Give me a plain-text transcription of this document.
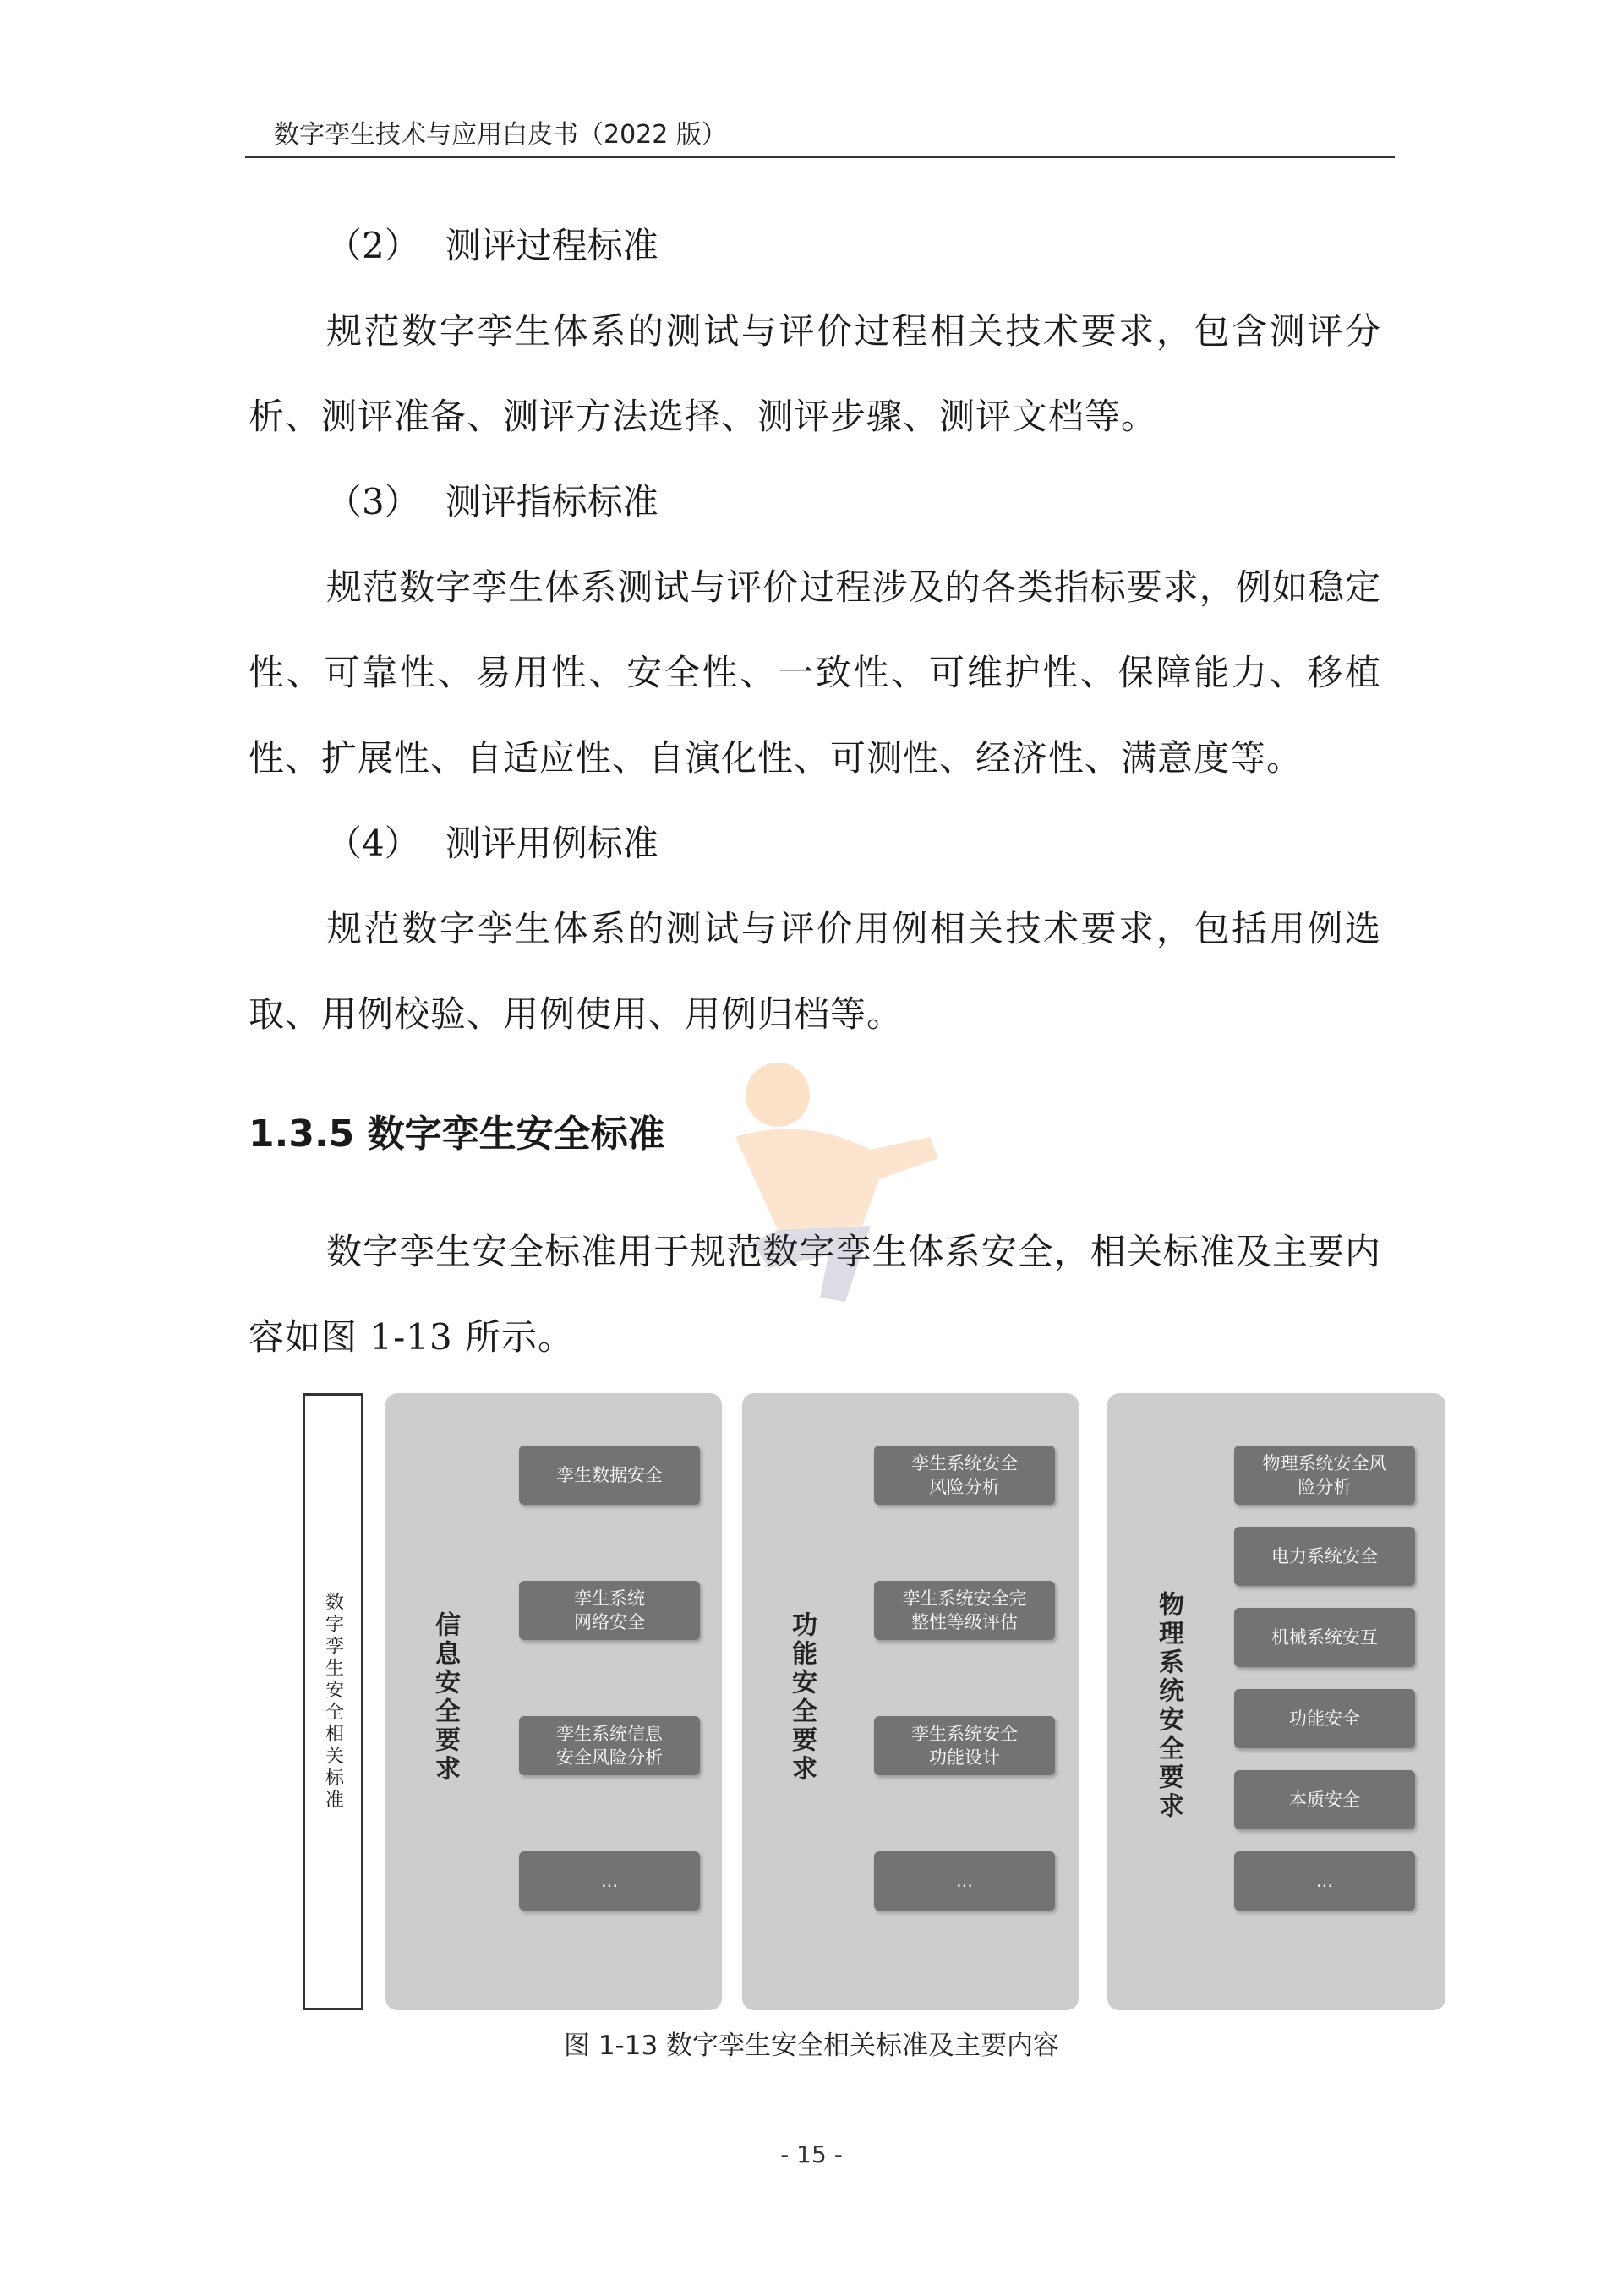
数字孪生技术与应用白皮书（2022 版）

（2） 测评过程标准

规范数字孪生体系的测试与评价过程相关技术要求，包含测评分析、测评准备、测评方法选择、测评步骤、测评文档等。

（3） 测评指标标准

规范数字孪生体系测试与评价过程涉及的各类指标要求，例如稳定性、可靠性、易用性、安全性、一致性、可维护性、保障能力、移植性、扩展性、自适应性、自演化性、可测性、经济性、满意度等。

（4） 测评用例标准

规范数字孪生体系的测试与评价用例相关技术要求，包括用例选取、用例校验、用例使用、用例归档等。

1.3.5 数字孪生安全标准

数字孪生安全标准用于规范数字孪生体系安全，相关标准及主要内容如图 1-13 所示。

数字孪生安全相关标准	信息安全要求
孪生数据安全
孪生系统
网络安全
孪生系统信息
安全风险分析
...
功能安全要求
孪生系统安全
风险分析
孪生系统安全完
整性等级评估
孪生系统安全
功能设计
...
物理系统安全要求
物理系统安全风
险分析
电力系统安全
机械系统安互
功能安全
本质安全
...
图 1-13 数字孪生安全相关标准及主要内容
- 15 -
